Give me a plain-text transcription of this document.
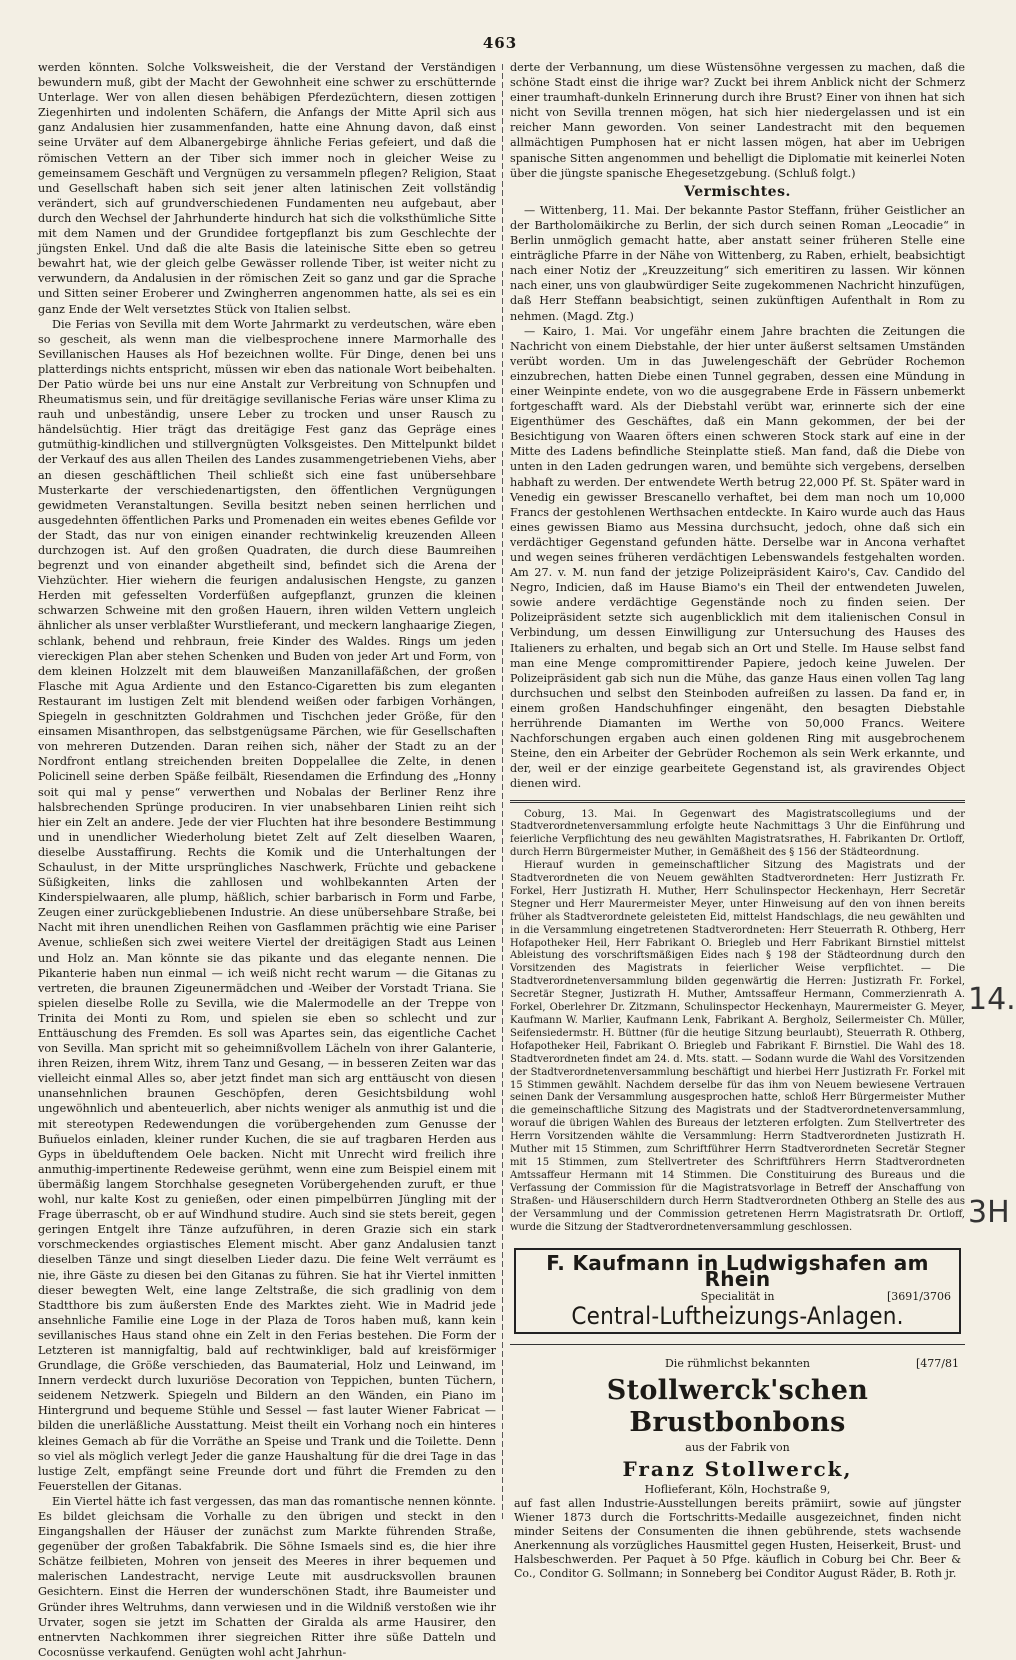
463

werden könnten. Solche Volksweisheit, die der Verstand der Verständigen bewundern muß, gibt der Macht der Gewohnheit eine schwer zu erschütternde Unterlage. Wer von allen diesen behäbigen Pferdezüchtern, diesen zottigen Ziegenhirten und indolenten Schäfern, die Anfangs der Mitte April sich aus ganz Andalusien hier zusammenfanden, hatte eine Ahnung davon, daß einst seine Urväter auf dem Albanergebirge ähnliche Ferias gefeiert, und daß die römischen Vettern an der Tiber sich immer noch in gleicher Weise zu gemeinsamem Geschäft und Vergnügen zu versammeln pflegen? Religion, Staat und Gesellschaft haben sich seit jener alten latinischen Zeit vollständig verändert, sich auf grundverschiedenen Fundamenten neu aufgebaut, aber durch den Wechsel der Jahrhunderte hindurch hat sich die volksthümliche Sitte mit dem Namen und der Grundidee fortgepflanzt bis zum Geschlechte der jüngsten Enkel. Und daß die alte Basis die lateinische Sitte eben so getreu bewahrt hat, wie der gleich gelbe Gewässer rollende Tiber, ist weiter nicht zu verwundern, da Andalusien in der römischen Zeit so ganz und gar die Sprache und Sitten seiner Eroberer und Zwingherren angenommen hatte, als sei es ein ganz Ende der Welt versetztes Stück von Italien selbst.

Die Ferias von Sevilla mit dem Worte Jahrmarkt zu verdeutschen, wäre eben so gescheit, als wenn man die vielbesprochene innere Marmorhalle des Sevillanischen Hauses als Hof bezeichnen wollte. Für Dinge, denen bei uns platterdings nichts entspricht, müssen wir eben das nationale Wort beibehalten. Der Patio würde bei uns nur eine Anstalt zur Verbreitung von Schnupfen und Rheumatismus sein, und für dreitägige sevillanische Ferias wäre unser Klima zu rauh und unbeständig, unsere Leber zu trocken und unser Rausch zu händelsüchtig. Hier trägt das dreitägige Fest ganz das Gepräge eines gutmüthig-kindlichen und stillvergnügten Volksgeistes. Den Mittelpunkt bildet der Verkauf des aus allen Theilen des Landes zusammengetriebenen Viehs, aber an diesen geschäftlichen Theil schließt sich eine fast unübersehbare Musterkarte der verschiedenartigsten, den öffentlichen Vergnügungen gewidmeten Veranstaltungen. Sevilla besitzt neben seinen herrlichen und ausgedehnten öffentlichen Parks und Promenaden ein weites ebenes Gefilde vor der Stadt, das nur von einigen einander rechtwinkelig kreuzenden Alleen durchzogen ist. Auf den großen Quadraten, die durch diese Baumreihen begrenzt und von einander abgetheilt sind, befindet sich die Arena der Viehzüchter. Hier wiehern die feurigen andalusischen Hengste, zu ganzen Herden mit gefesselten Vorderfüßen aufgepflanzt, grunzen die kleinen schwarzen Schweine mit den großen Hauern, ihren wilden Vettern ungleich ähnlicher als unser verblaßter Wurstlieferant, und meckern langhaarige Ziegen, schlank, behend und rehbraun, freie Kinder des Waldes. Rings um jeden viereckigen Plan aber stehen Schenken und Buden von jeder Art und Form, von dem kleinen Holzzelt mit dem blauweißen Manzanillafäßchen, der großen Flasche mit Agua Ardiente und den Estanco-Cigaretten bis zum eleganten Restaurant im lustigen Zelt mit blendend weißen oder farbigen Vorhängen, Spiegeln in geschnitzten Goldrahmen und Tischchen jeder Größe, für den einsamen Misanthropen, das selbstgenügsame Pärchen, wie für Gesellschaften von mehreren Dutzenden. Daran reihen sich, näher der Stadt zu an der Nordfront entlang streichenden breiten Doppelallee die Zelte, in denen Policinell seine derben Späße feilbält, Riesendamen die Erfindung des „Honny soit qui mal y pense“ verwerthen und Nobalas der Berliner Renz ihre halsbrechenden Sprünge produciren. In vier unabsehbaren Linien reiht sich hier ein Zelt an andere. Jede der vier Fluchten hat ihre besondere Bestimmung und in unendlicher Wiederholung bietet Zelt auf Zelt dieselben Waaren, dieselbe Ausstaffirung. Rechts die Komik und die Unterhaltungen der Schaulust, in der Mitte ursprüngliches Naschwerk, Früchte und gebackene Süßigkeiten, links die zahllosen und wohlbekannten Arten der Kinderspielwaaren, alle plump, häßlich, schier barbarisch in Form und Farbe, Zeugen einer zurückgebliebenen Industrie. An diese unübersehbare Straße, bei Nacht mit ihren unendlichen Reihen von Gasflammen prächtig wie eine Pariser Avenue, schließen sich zwei weitere Viertel der dreitägigen Stadt aus Leinen und Holz an. Man könnte sie das pikante und das elegante nennen. Die Pikanterie haben nun einmal — ich weiß nicht recht warum — die Gitanas zu vertreten, die braunen Zigeunermädchen und -Weiber der Vorstadt Triana. Sie spielen dieselbe Rolle zu Sevilla, wie die Malermodelle an der Treppe von Trinita dei Monti zu Rom, und spielen sie eben so schlecht und zur Enttäuschung des Fremden. Es soll was Apartes sein, das eigentliche Cachet von Sevilla. Man spricht mit so geheimnißvollem Lächeln von ihrer Galanterie, ihren Reizen, ihrem Witz, ihrem Tanz und Gesang, — in besseren Zeiten war das vielleicht einmal Alles so, aber jetzt findet man sich arg enttäuscht von diesen unansehnlichen braunen Geschöpfen, deren Gesichtsbildung wohl ungewöhnlich und abenteuerlich, aber nichts weniger als anmuthig ist und die mit stereotypen Redewendungen die vorübergehenden zum Genusse der Buñuelos einladen, kleiner runder Kuchen, die sie auf tragbaren Herden aus Gyps in übelduftendem Oele backen. Nicht mit Unrecht wird freilich ihre anmuthig-impertinente Redeweise gerühmt, wenn eine zum Beispiel einem mit übermäßig langem Storchhalse gesegneten Vorübergehenden zuruft, er thue wohl, nur kalte Kost zu genießen, oder einen pimpelbürren Jüngling mit der Frage überrascht, ob er auf Windhund studire. Auch sind sie stets bereit, gegen geringen Entgelt ihre Tänze aufzuführen, in deren Grazie sich ein stark vorschmeckendes orgiastisches Element mischt. Aber ganz Andalusien tanzt dieselben Tänze und singt dieselben Lieder dazu. Die feine Welt verräumt es nie, ihre Gäste zu diesen bei den Gitanas zu führen. Sie hat ihr Viertel inmitten dieser bewegten Welt, eine lange Zeltstraße, die sich gradlinig von dem Stadtthore bis zum äußersten Ende des Marktes zieht. Wie in Madrid jede ansehnliche Familie eine Loge in der Plaza de Toros haben muß, kann kein sevillanisches Haus stand ohne ein Zelt in den Ferias bestehen. Die Form der Letzteren ist mannigfaltig, bald auf rechtwinkliger, bald auf kreisförmiger Grundlage, die Größe verschieden, das Baumaterial, Holz und Leinwand, im Innern verdeckt durch luxuriöse Decoration von Teppichen, bunten Tüchern, seidenem Netzwerk. Spiegeln und Bildern an den Wänden, ein Piano im Hintergrund und bequeme Stühle und Sessel — fast lauter Wiener Fabricat — bilden die unerläßliche Ausstattung. Meist theilt ein Vorhang noch ein hinteres kleines Gemach ab für die Vorräthe an Speise und Trank und die Toilette. Denn so viel als möglich verlegt Jeder die ganze Haushaltung für die drei Tage in das lustige Zelt, empfängt seine Freunde dort und führt die Fremden zu den Feuerstellen der Gitanas.

Ein Viertel hätte ich fast vergessen, das man das romantische nennen könnte. Es bildet gleichsam die Vorhalle zu den übrigen und steckt in den Eingangshallen der Häuser der zunächst zum Markte führenden Straße, gegenüber der großen Tabakfabrik. Die Söhne Ismaels sind es, die hier ihre Schätze feilbieten, Mohren von jenseit des Meeres in ihrer bequemen und malerischen Landestracht, nervige Leute mit ausdrucksvollen braunen Gesichtern. Einst die Herren der wunderschönen Stadt, ihre Baumeister und Gründer ihres Weltruhms, dann verwiesen und in die Wildniß verstoßen wie ihr Urvater, sogen sie jetzt im Schatten der Giralda als arme Hausirer, den entnervten Nachkommen ihrer siegreichen Ritter ihre süße Datteln und Cocosnüsse verkaufend. Genügten wohl acht Jahrhun-

derte der Verbannung, um diese Wüstensöhne vergessen zu machen, daß die schöne Stadt einst die ihrige war? Zuckt bei ihrem Anblick nicht der Schmerz einer traumhaft-dunkeln Erinnerung durch ihre Brust? Einer von ihnen hat sich nicht von Sevilla trennen mögen, hat sich hier niedergelassen und ist ein reicher Mann geworden. Von seiner Landestracht mit den bequemen allmächtigen Pumphosen hat er nicht lassen mögen, hat aber im Uebrigen spanische Sitten angenommen und behelligt die Diplomatie mit keinerlei Noten über die jüngste spanische Ehegesetzgebung. (Schluß folgt.)

Vermischtes.

— Wittenberg, 11. Mai. Der bekannte Pastor Steffann, früher Geistlicher an der Bartholomäikirche zu Berlin, der sich durch seinen Roman „Leocadie“ in Berlin unmöglich gemacht hatte, aber anstatt seiner früheren Stelle eine einträgliche Pfarre in der Nähe von Wittenberg, zu Raben, erhielt, beabsichtigt nach einer Notiz der „Kreuzzeitung“ sich emeritiren zu lassen. Wir können nach einer, uns von glaubwürdiger Seite zugekommenen Nachricht hinzufügen, daß Herr Steffann beabsichtigt, seinen zukünftigen Aufenthalt in Rom zu nehmen. (Magd. Ztg.)

— Kairo, 1. Mai. Vor ungefähr einem Jahre brachten die Zeitungen die Nachricht von einem Diebstahle, der hier unter äußerst seltsamen Umständen verübt worden. Um in das Juwelengeschäft der Gebrüder Rochemon einzubrechen, hatten Diebe einen Tunnel gegraben, dessen eine Mündung in einer Weinpinte endete, von wo die ausgegrabene Erde in Fässern unbemerkt fortgeschafft ward. Als der Diebstahl verübt war, erinnerte sich der eine Eigenthümer des Geschäftes, daß ein Mann gekommen, der bei der Besichtigung von Waaren öfters einen schweren Stock stark auf eine in der Mitte des Ladens befindliche Steinplatte stieß. Man fand, daß die Diebe von unten in den Laden gedrungen waren, und bemühte sich vergebens, derselben habhaft zu werden. Der entwendete Werth betrug 22,000 Pf. St. Später ward in Venedig ein gewisser Brescanello verhaftet, bei dem man noch um 10,000 Francs der gestohlenen Werthsachen entdeckte. In Kairo wurde auch das Haus eines gewissen Biamo aus Messina durchsucht, jedoch, ohne daß sich ein verdächtiger Gegenstand gefunden hätte. Derselbe war in Ancona verhaftet und wegen seines früheren verdächtigen Lebenswandels festgehalten worden. Am 27. v. M. nun fand der jetzige Polizeipräsident Kairo's, Cav. Candido del Negro, Indicien, daß im Hause Biamo's ein Theil der entwendeten Juwelen, sowie andere verdächtige Gegenstände noch zu finden seien. Der Polizeipräsident setzte sich augenblicklich mit dem italienischen Consul in Verbindung, um dessen Einwilligung zur Untersuchung des Hauses des Italieners zu erhalten, und begab sich an Ort und Stelle. Im Hause selbst fand man eine Menge compromittirender Papiere, jedoch keine Juwelen. Der Polizeipräsident gab sich nun die Mühe, das ganze Haus einen vollen Tag lang durchsuchen und selbst den Steinboden aufreißen zu lassen. Da fand er, in einem großen Handschuhfinger eingenäht, den besagten Diebstahle herrührende Diamanten im Werthe von 50,000 Francs. Weitere Nachforschungen ergaben auch einen goldenen Ring mit ausgebrochenem Steine, den ein Arbeiter der Gebrüder Rochemon als sein Werk erkannte, und der, weil er der einzige gearbeitete Gegenstand ist, als gravirendes Object dienen wird.

Coburg, 13. Mai. In Gegenwart des Magistratscollegiums und der Stadtverordnetenversammlung erfolgte heute Nachmittags 3 Uhr die Einführung und feierliche Verpflichtung des neu gewählten Magistratsrathes, H. Fabrikanten Dr. Ortloff, durch Herrn Bürgermeister Muther, in Gemäßheit des § 156 der Städteordnung.

Hierauf wurden in gemeinschaftlicher Sitzung des Magistrats und der Stadtverordneten die von Neuem gewählten Stadtverordneten: Herr Justizrath Fr. Forkel, Herr Justizrath H. Muther, Herr Schulinspector Heckenhayn, Herr Secretär Stegner und Herr Maurermeister Meyer, unter Hinweisung auf den von ihnen bereits früher als Stadtverordnete geleisteten Eid, mittelst Handschlags, die neu gewählten und in die Versammlung eingetretenen Stadtverordneten: Herr Steuerrath R. Othberg, Herr Hofapotheker Heil, Herr Fabrikant O. Briegleb und Herr Fabrikant Birnstiel mittelst Ableistung des vorschriftsmäßigen Eides nach § 198 der Städteordnung durch den Vorsitzenden des Magistrats in feierlicher Weise verpflichtet. — Die Stadtverordnetenversammlung bilden gegenwärtig die Herren: Justizrath Fr. Forkel, Secretär Stegner, Justizrath H. Muther, Amtssaffeur Hermann, Commerzienrath A. Forkel, Oberlehrer Dr. Zitzmann, Schulinspector Heckenhayn, Maurermeister G. Meyer, Kaufmann W. Marlier, Kaufmann Lenk, Fabrikant A. Bergholz, Seilermeister Ch. Müller, Seifensiedermstr. H. Büttner (für die heutige Sitzung beurlaubt), Steuerrath R. Othberg, Hofapotheker Heil, Fabrikant O. Briegleb und Fabrikant F. Birnstiel. Die Wahl des 18. Stadtverordneten findet am 24. d. Mts. statt. — Sodann wurde die Wahl des Vorsitzenden der Stadtverordnetenversammlung beschäftigt und hierbei Herr Justizrath Fr. Forkel mit 15 Stimmen gewählt. Nachdem derselbe für das ihm von Neuem bewiesene Vertrauen seinen Dank der Versammlung ausgesprochen hatte, schloß Herr Bürgermeister Muther die gemeinschaftliche Sitzung des Magistrats und der Stadtverordnetenversammlung, worauf die übrigen Wahlen des Bureaus der letzteren erfolgten. Zum Stellvertreter des Herrn Vorsitzenden wählte die Versammlung: Herrn Stadtverordneten Justizrath H. Muther mit 15 Stimmen, zum Schriftführer Herrn Stadtverordneten Secretär Stegner mit 15 Stimmen, zum Stellvertreter des Schriftführers Herrn Stadtverordneten Amtssaffeur Hermann mit 14 Stimmen. Die Constituirung des Bureaus und die Verfassung der Commission für die Magistratsvorlage in Betreff der Anschaffung von Straßen- und Häuserschildern durch Herrn Stadtverordneten Othberg an Stelle des aus der Versammlung und der Commission getretenen Herrn Magistratsrath Dr. Ortloff, wurde die Sitzung der Stadtverordnetenversammlung geschlossen.

F. Kaufmann in Ludwigshafen am Rhein
Specialität in	[3691/3706
Central-Luftheizungs-Anlagen.
Die rühmlichst bekannten	[477/81
Stollwerck'schen Brustbonbons
aus der Fabrik von
Franz Stollwerck,
Hoflieferant, Köln, Hochstraße 9,
auf fast allen Industrie-Ausstellungen bereits prämiirt, sowie auf jüngster Wiener 1873 durch die Fortschritts-Medaille ausgezeichnet, finden nicht minder Seitens der Consumenten die ihnen gebührende, stets wachsende Anerkennung als vorzügliches Hausmittel gegen Husten, Heiserkeit, Brust- und Halsbeschwerden. Per Paquet à 50 Pfge. käuflich in Coburg bei Chr. Beer & Co., Conditor G. Sollmann; in Sonneberg bei Conditor August Räder, B. Roth jr.
14.
3H
